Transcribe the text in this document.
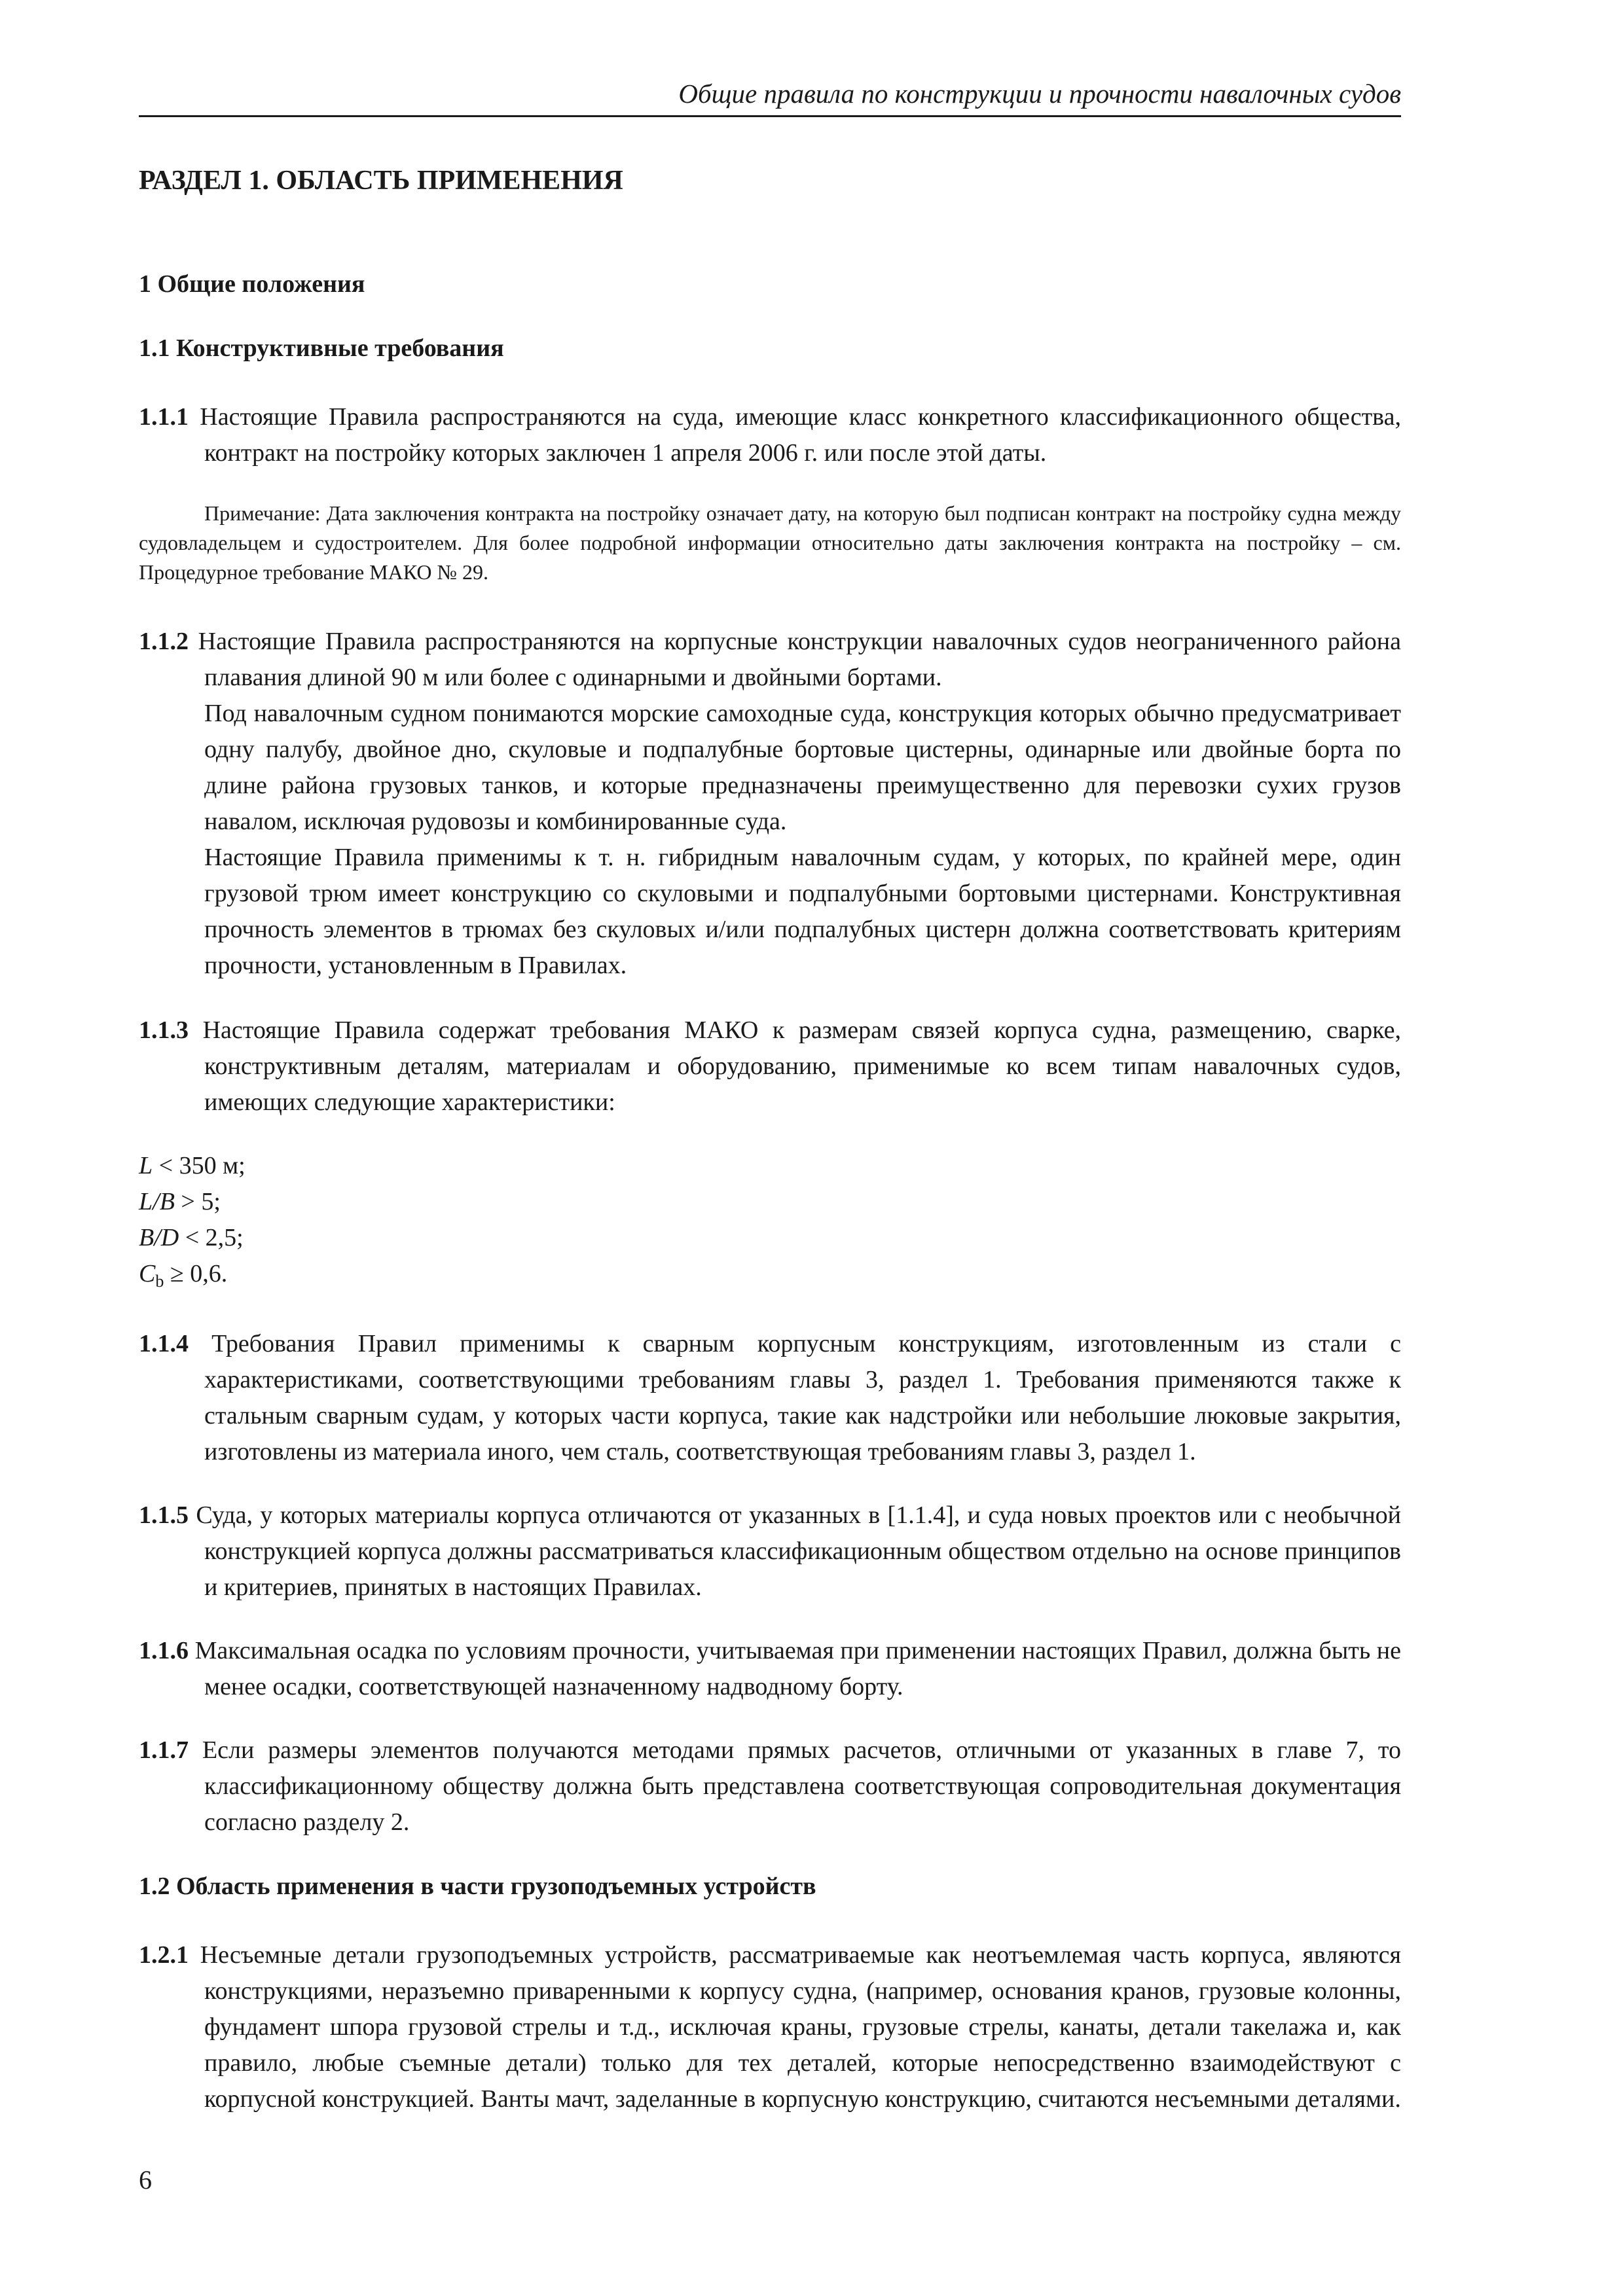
Общие правила по конструкции и прочности навалочных судов
РАЗДЕЛ 1. ОБЛАСТЬ ПРИМЕНЕНИЯ
1 Общие положения
1.1 Конструктивные требования

1.1.1 Настоящие Правила распространяются на суда, имеющие класс конкретного классификационного общества, контракт на постройку которых заключен 1 апреля 2006 г. или после этой даты.

Примечание: Дата заключения контракта на постройку означает дату, на которую был подписан контракт на постройку судна между судовладельцем и судостроителем. Для более подробной информации относительно даты заключения контракта на постройку – см. Процедурное требование МАКО № 29.

1.1.2 Настоящие Правила распространяются на корпусные конструкции навалочных судов неограниченного района плавания длиной 90 м или более с одинарными и двойными бортами.

Под навалочным судном понимаются морские самоходные суда, конструкция которых обычно предусматривает одну палубу, двойное дно, скуловые и подпалубные бортовые цистерны, одинарные или двойные борта по длине района грузовых танков, и которые предназначены преимущественно для перевозки сухих грузов навалом, исключая рудовозы и комбинированные суда.

Настоящие Правила применимы к т. н. гибридным навалочным судам, у которых, по крайней мере, один грузовой трюм имеет конструкцию со скуловыми и подпалубными бортовыми цистернами. Конструктивная прочность элементов в трюмах без скуловых и/или подпалубных цистерн должна соответствовать критериям прочности, установленным в Правилах.

1.1.3 Настоящие Правила содержат требования МАКО к размерам связей корпуса судна, размещению, сварке, конструктивным деталям, материалам и оборудованию, применимые ко всем типам навалочных судов, имеющих следующие характеристики:

L < 350 м;

L/B > 5;

B/D < 2,5;

$C_b \ge 0,6$.

1.1.4 Требования Правил применимы к сварным корпусным конструкциям, изготовленным из стали с характеристиками, соответствующими требованиям главы 3, раздел 1. Требования применяются также к стальным сварным судам, у которых части корпуса, такие как надстройки или небольшие люковые закрытия, изготовлены из материала иного, чем сталь, соответствующая требованиям главы 3, раздел 1.

1.1.5 Суда, у которых материалы корпуса отличаются от указанных в [1.1.4], и суда новых проектов или с необычной конструкцией корпуса должны рассматриваться классификационным обществом отдельно на основе принципов и критериев, принятых в настоящих Правилах.

1.1.6 Максимальная осадка по условиям прочности, учитываемая при применении настоящих Правил, должна быть не менее осадки, соответствующей назначенному надводному борту.

1.1.7 Если размеры элементов получаются методами прямых расчетов, отличными от указанных в главе 7, то классификационному обществу должна быть представлена соответствующая сопроводительная документация согласно разделу 2.

1.2 Область применения в части грузоподъемных устройств

1.2.1 Несъемные детали грузоподъемных устройств, рассматриваемые как неотъемлемая часть корпуса, являются конструкциями, неразъемно приваренными к корпусу судна, (например, основания кранов, грузовые колонны, фундамент шпора грузовой стрелы и т.д., исключая краны, грузовые стрелы, канаты, детали такелажа и, как правило, любые съемные детали) только для тех деталей, которые непосредственно взаимодействуют с корпусной конструкцией. Ванты мачт, заделанные в корпусную конструкцию, считаются несъемными деталями.

6
